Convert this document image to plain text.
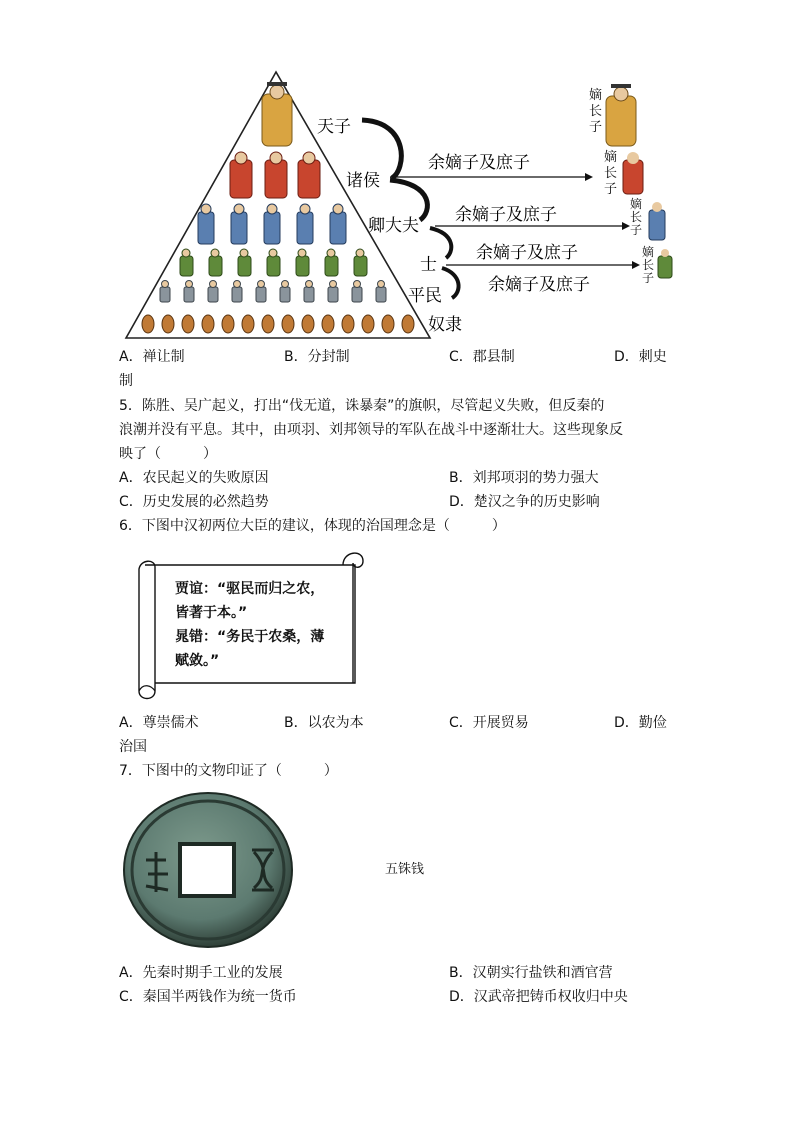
天子
诸侯
卿大夫
士
平民
奴隶
余嫡子及庶子
余嫡子及庶子
余嫡子及庶子
余嫡子及庶子
嫡长子
嫡长子
嫡长子
嫡长子
A．禅让制	B．分封制	C．郡县制	D．刺史
制
5．陈胜、吴广起义，打出“伐无道，诛暴秦”的旗帜，尽管起义失败，但反秦的
浪潮并没有平息。其中，由项羽、刘邦领导的军队在战斗中逐渐壮大。这些现象反
映了（　　　）
A．农民起义的失败原因	B．刘邦项羽的势力强大
C．历史发展的必然趋势	D．楚汉之争的历史影响
6．下图中汉初两位大臣的建议，体现的治国理念是（　　　）
贾谊：“驱民而归之农，
皆著于本。”
晁错：“务民于农桑，薄
赋敛。”
A．尊崇儒术	B．以农为本	C．开展贸易	D．勤俭
治国
7．下图中的文物印证了（　　　）
五铢钱
A．先秦时期手工业的发展	B．汉朝实行盐铁和酒官营
C．秦国半两钱作为统一货币	D．汉武帝把铸币权收归中央
